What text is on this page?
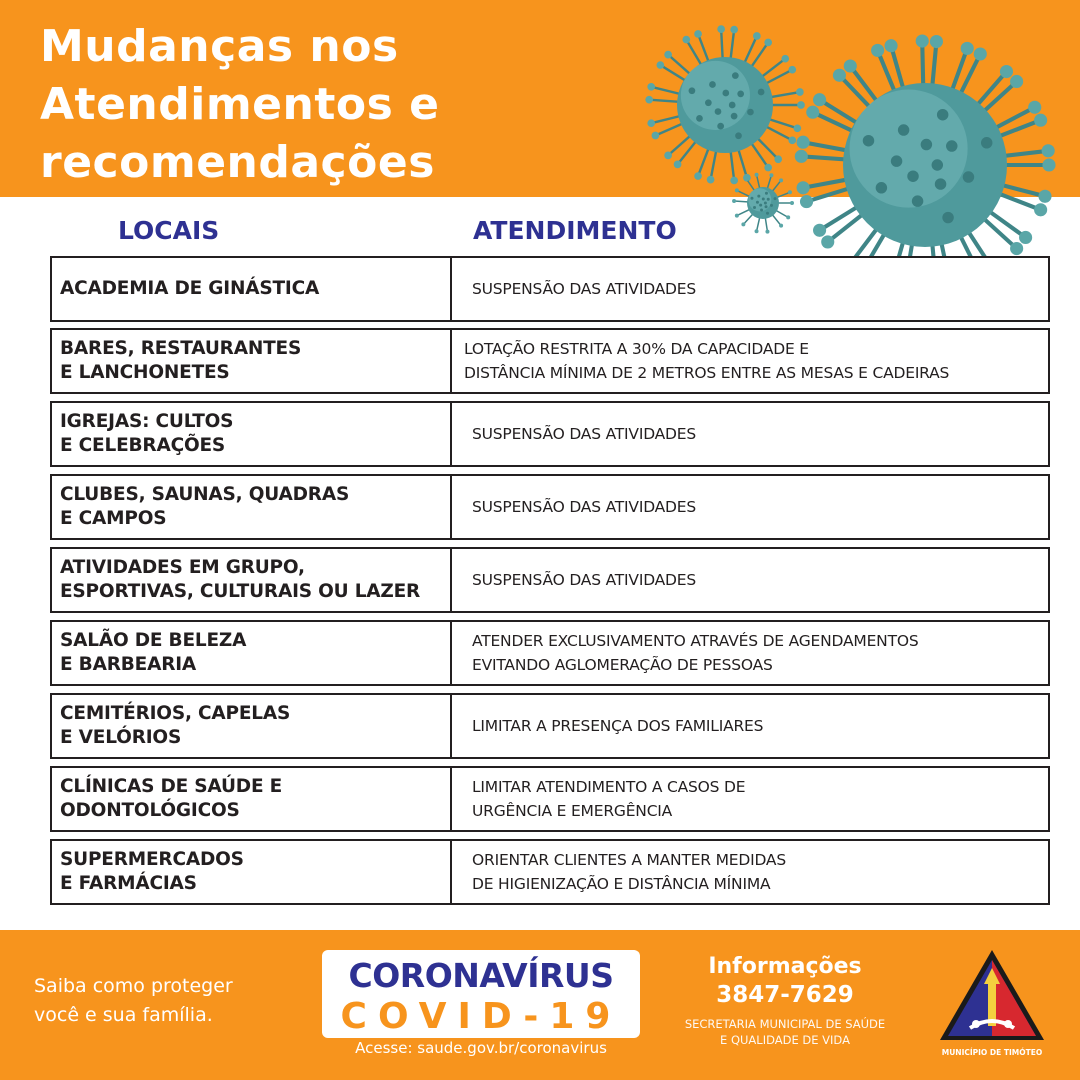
Mudanças nos
Atendimentos e
recomendações
LOCAIS	ATENDIMENTO
ACADEMIA DE GINÁSTICA	SUSPENSÃO DAS ATIVIDADES
BARES, RESTAURANTES
E LANCHONETES
LOTAÇÃO RESTRITA A 30% DA CAPACIDADE E
DISTÂNCIA MÍNIMA DE 2 METROS ENTRE AS MESAS E CADEIRAS
IGREJAS: CULTOS
E CELEBRAÇÕES
SUSPENSÃO DAS ATIVIDADES
CLUBES, SAUNAS, QUADRAS
E CAMPOS
SUSPENSÃO DAS ATIVIDADES
ATIVIDADES EM GRUPO,
ESPORTIVAS, CULTURAIS OU LAZER
SUSPENSÃO DAS ATIVIDADES
SALÃO DE BELEZA
E BARBEARIA
ATENDER EXCLUSIVAMENTO ATRAVÉS DE AGENDAMENTOS
EVITANDO AGLOMERAÇÃO DE PESSOAS
CEMITÉRIOS, CAPELAS
E VELÓRIOS
LIMITAR A PRESENÇA DOS FAMILIARES
CLÍNICAS DE SAÚDE E
ODONTOLÓGICOS
LIMITAR ATENDIMENTO A CASOS DE
URGÊNCIA E EMERGÊNCIA
SUPERMERCADOS
E FARMÁCIAS
ORIENTAR CLIENTES A MANTER MEDIDAS
DE HIGIENIZAÇÃO E DISTÂNCIA MÍNIMA
Saiba como proteger
você e sua família.
CORONAVÍRUS
COVID-19
Acesse: saude.gov.br/coronavirus
Informações
3847-7629
SECRETARIA MUNICIPAL DE SAÚDE
E QUALIDADE DE VIDA
MUNICÍPIO DE TIMÓTEO
